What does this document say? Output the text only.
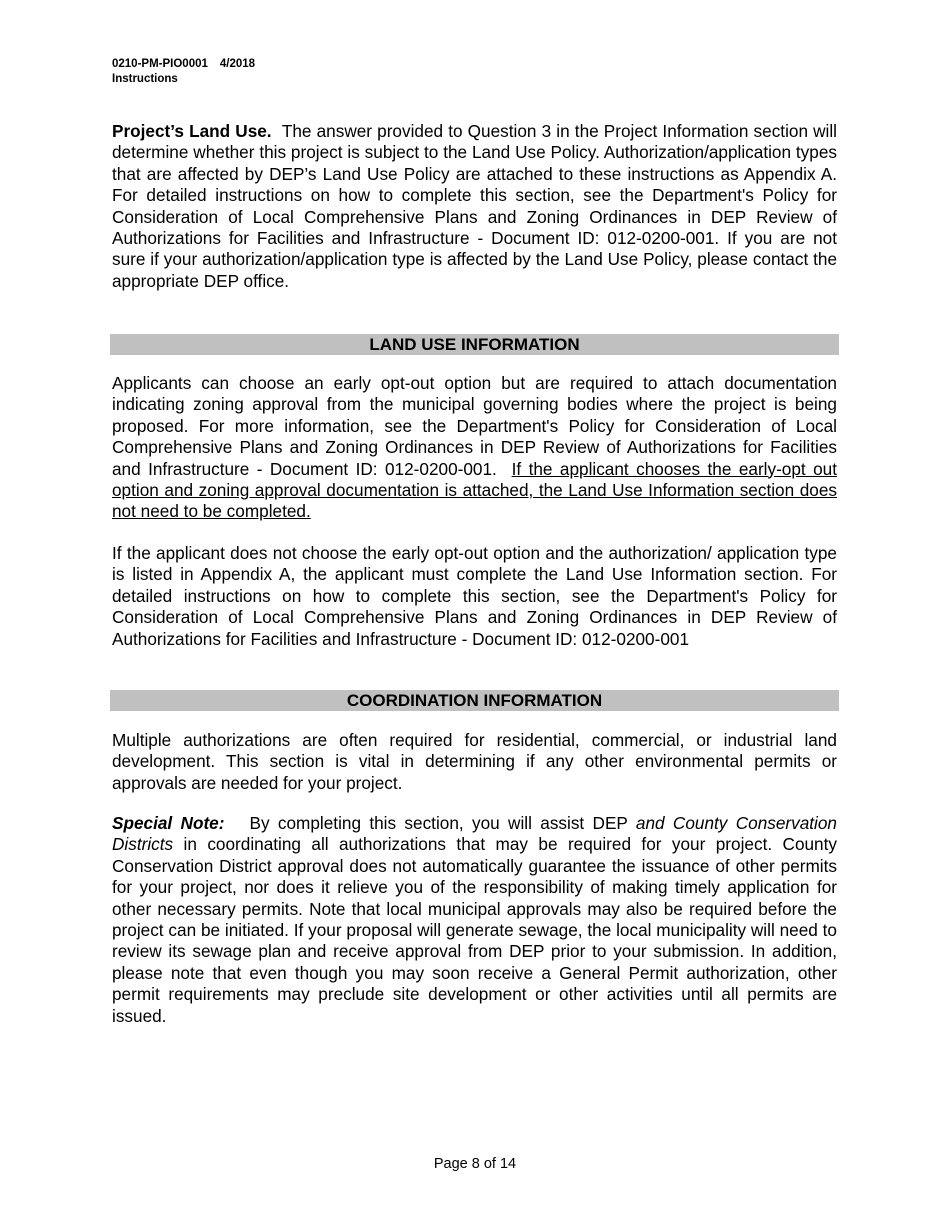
0210-PM-PIO0001 4/2018
Instructions
Project’s Land Use. The answer provided to Question 3 in the Project Information section will determine whether this project is subject to the Land Use Policy. Authorization/application types that are affected by DEP’s Land Use Policy are attached to these instructions as Appendix A. For detailed instructions on how to complete this section, see the Department's Policy for Consideration of Local Comprehensive Plans and Zoning Ordinances in DEP Review of Authorizations for Facilities and Infrastructure - Document ID: 012-0200-001. If you are not sure if your authorization/application type is affected by the Land Use Policy, please contact the appropriate DEP office.
LAND USE INFORMATION
Applicants can choose an early opt-out option but are required to attach documentation indicating zoning approval from the municipal governing bodies where the project is being proposed. For more information, see the Department's Policy for Consideration of Local Comprehensive Plans and Zoning Ordinances in DEP Review of Authorizations for Facilities and Infrastructure - Document ID: 012-0200-001. If the applicant chooses the early-opt out option and zoning approval documentation is attached, the Land Use Information section does not need to be completed.
If the applicant does not choose the early opt-out option and the authorization/ application type is listed in Appendix A, the applicant must complete the Land Use Information section. For detailed instructions on how to complete this section, see the Department's Policy for Consideration of Local Comprehensive Plans and Zoning Ordinances in DEP Review of Authorizations for Facilities and Infrastructure - Document ID: 012-0200-001
COORDINATION INFORMATION
Multiple authorizations are often required for residential, commercial, or industrial land development. This section is vital in determining if any other environmental permits or approvals are needed for your project.
Special Note: By completing this section, you will assist DEP and County Conservation Districts in coordinating all authorizations that may be required for your project. County Conservation District approval does not automatically guarantee the issuance of other permits for your project, nor does it relieve you of the responsibility of making timely application for other necessary permits. Note that local municipal approvals may also be required before the project can be initiated. If your proposal will generate sewage, the local municipality will need to review its sewage plan and receive approval from DEP prior to your submission. In addition, please note that even though you may soon receive a General Permit authorization, other permit requirements may preclude site development or other activities until all permits are issued.
Page 8 of 14
